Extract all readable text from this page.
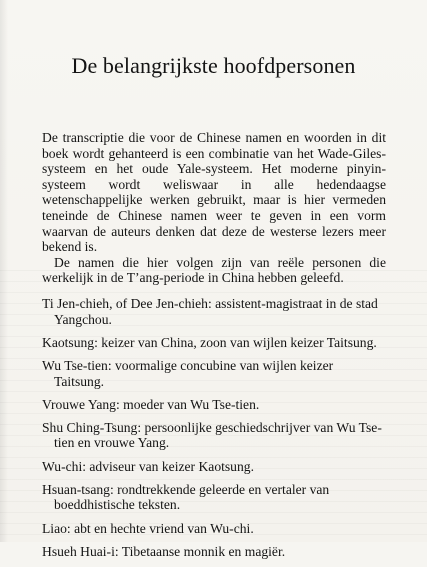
De belangrijkste hoofdpersonen

De transcriptie die voor de Chinese namen en woorden in dit boek wordt gehanteerd is een combinatie van het Wade-Giles-systeem en het oude Yale-systeem. Het moderne pinyin-systeem wordt weliswaar in alle hedendaagse wetenschappelijke werken gebruikt, maar is hier vermeden teneinde de Chinese namen weer te geven in een vorm waarvan de auteurs denken dat deze de westerse lezers meer bekend is.

De namen die hier volgen zijn van reële personen die werkelijk in de T’ang-periode in China hebben geleefd.

Ti Jen-chieh, of Dee Jen-chieh: assistent-magistraat in de stad Yangchou.

Kaotsung: keizer van China, zoon van wijlen keizer Taitsung.

Wu Tse-tien: voormalige concubine van wijlen keizer Taitsung.

Vrouwe Yang: moeder van Wu Tse-tien.

Shu Ching-Tsung: persoonlijke geschiedschrijver van Wu Tse-tien en vrouwe Yang.

Wu-chi: adviseur van keizer Kaotsung.

Hsuan-tsang: rondtrekkende geleerde en vertaler van boeddhistische teksten.

Liao: abt en hechte vriend van Wu-chi.

Hsueh Huai-i: Tibetaanse monnik en magiër.
